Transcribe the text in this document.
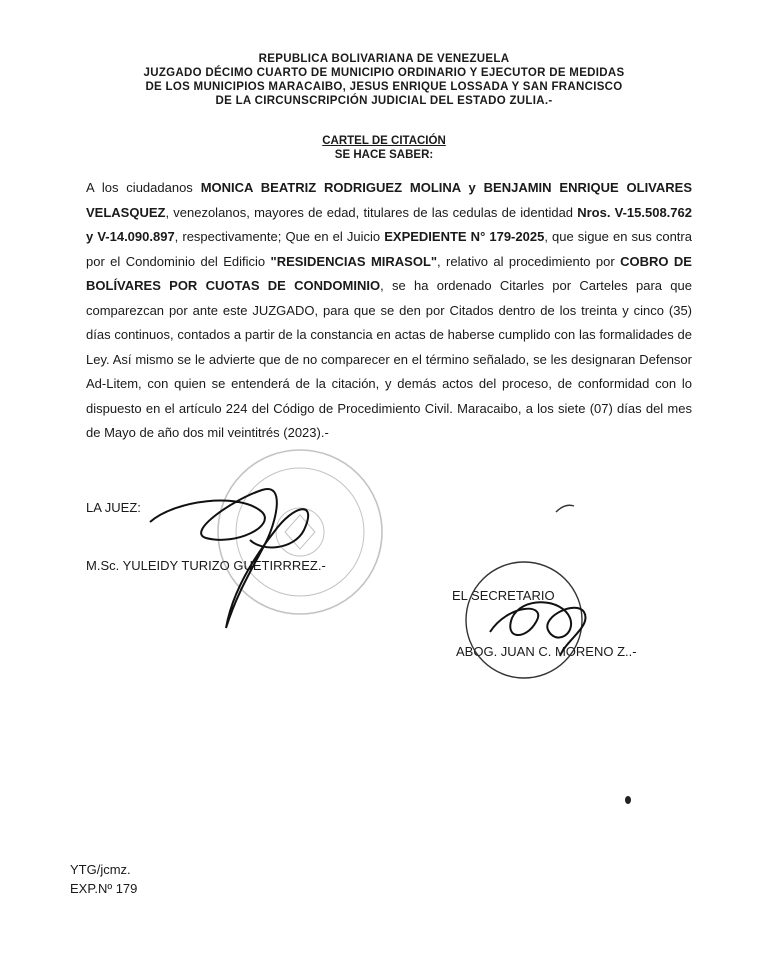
REPUBLICA BOLIVARIANA DE VENEZUELA
JUZGADO DÉCIMO CUARTO DE MUNICIPIO ORDINARIO Y EJECUTOR DE MEDIDAS
DE LOS MUNICIPIOS MARACAIBO, JESUS ENRIQUE LOSSADA Y SAN FRANCISCO
DE LA CIRCUNSCRIPCIÓN JUDICIAL DEL ESTADO ZULIA.-
CARTEL DE CITACIÓN
SE HACE SABER:
A los ciudadanos MONICA BEATRIZ RODRIGUEZ MOLINA y BENJAMIN ENRIQUE OLIVARES VELASQUEZ, venezolanos, mayores de edad, titulares de las cedulas de identidad Nros. V-15.508.762 y V-14.090.897, respectivamente; Que en el Juicio EXPEDIENTE N° 179-2025, que sigue en sus contra por el Condominio del Edificio "RESIDENCIAS MIRASOL", relativo al procedimiento por COBRO DE BOLÍVARES POR CUOTAS DE CONDOMINIO, se ha ordenado Citarles por Carteles para que comparezcan por ante este JUZGADO, para que se den por Citados dentro de los treinta y cinco (35) días continuos, contados a partir de la constancia en actas de haberse cumplido con las formalidades de Ley. Así mismo se le advierte que de no comparecer en el término señalado, se les designaran Defensor Ad-Litem, con quien se entenderá de la citación, y demás actos del proceso, de conformidad con lo dispuesto en el artículo 224 del Código de Procedimiento Civil. Maracaibo, a los siete (07) días del mes de Mayo de año dos mil veintitrés (2023).-
LA JUEZ:
M.Sc. YULEIDY TURIZO GUETIRRREZ.-
EL SECRETARIO
ABOG. JUAN C. MORENO Z..-
YTG/jcmz.
EXP.Nº 179
